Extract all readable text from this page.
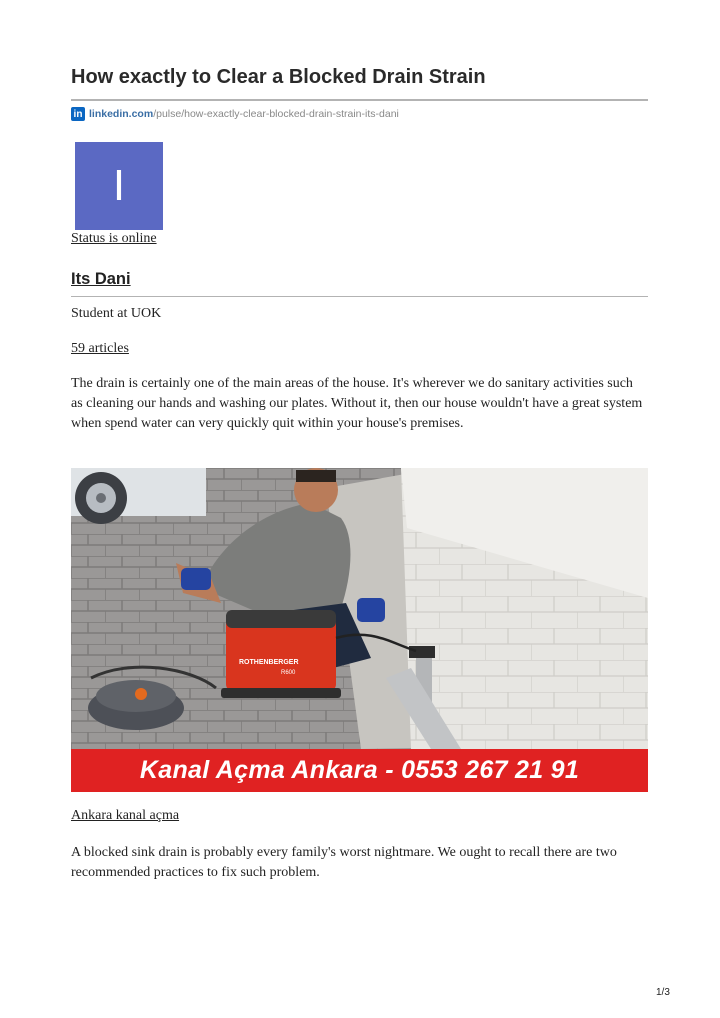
How exactly to Clear a Blocked Drain Strain
in linkedin.com /pulse/how-exactly-clear-blocked-drain-strain-its-dani
I
Status is online
Its Dani
Student at UOK
59 articles

The drain is certainly one of the main areas of the house. It's wherever we do sanitary activities such as cleaning our hands and washing our plates. Without it, then our house wouldn't have a great system when spend water can very quickly quit within your house's premises.

ROTHENBERGER
R600
Kanal Açma Ankara - 0553 267 21 91
Ankara kanal açma

A blocked sink drain is probably every family's worst nightmare. We ought to recall there are two recommended practices to fix such problem.

1/3
